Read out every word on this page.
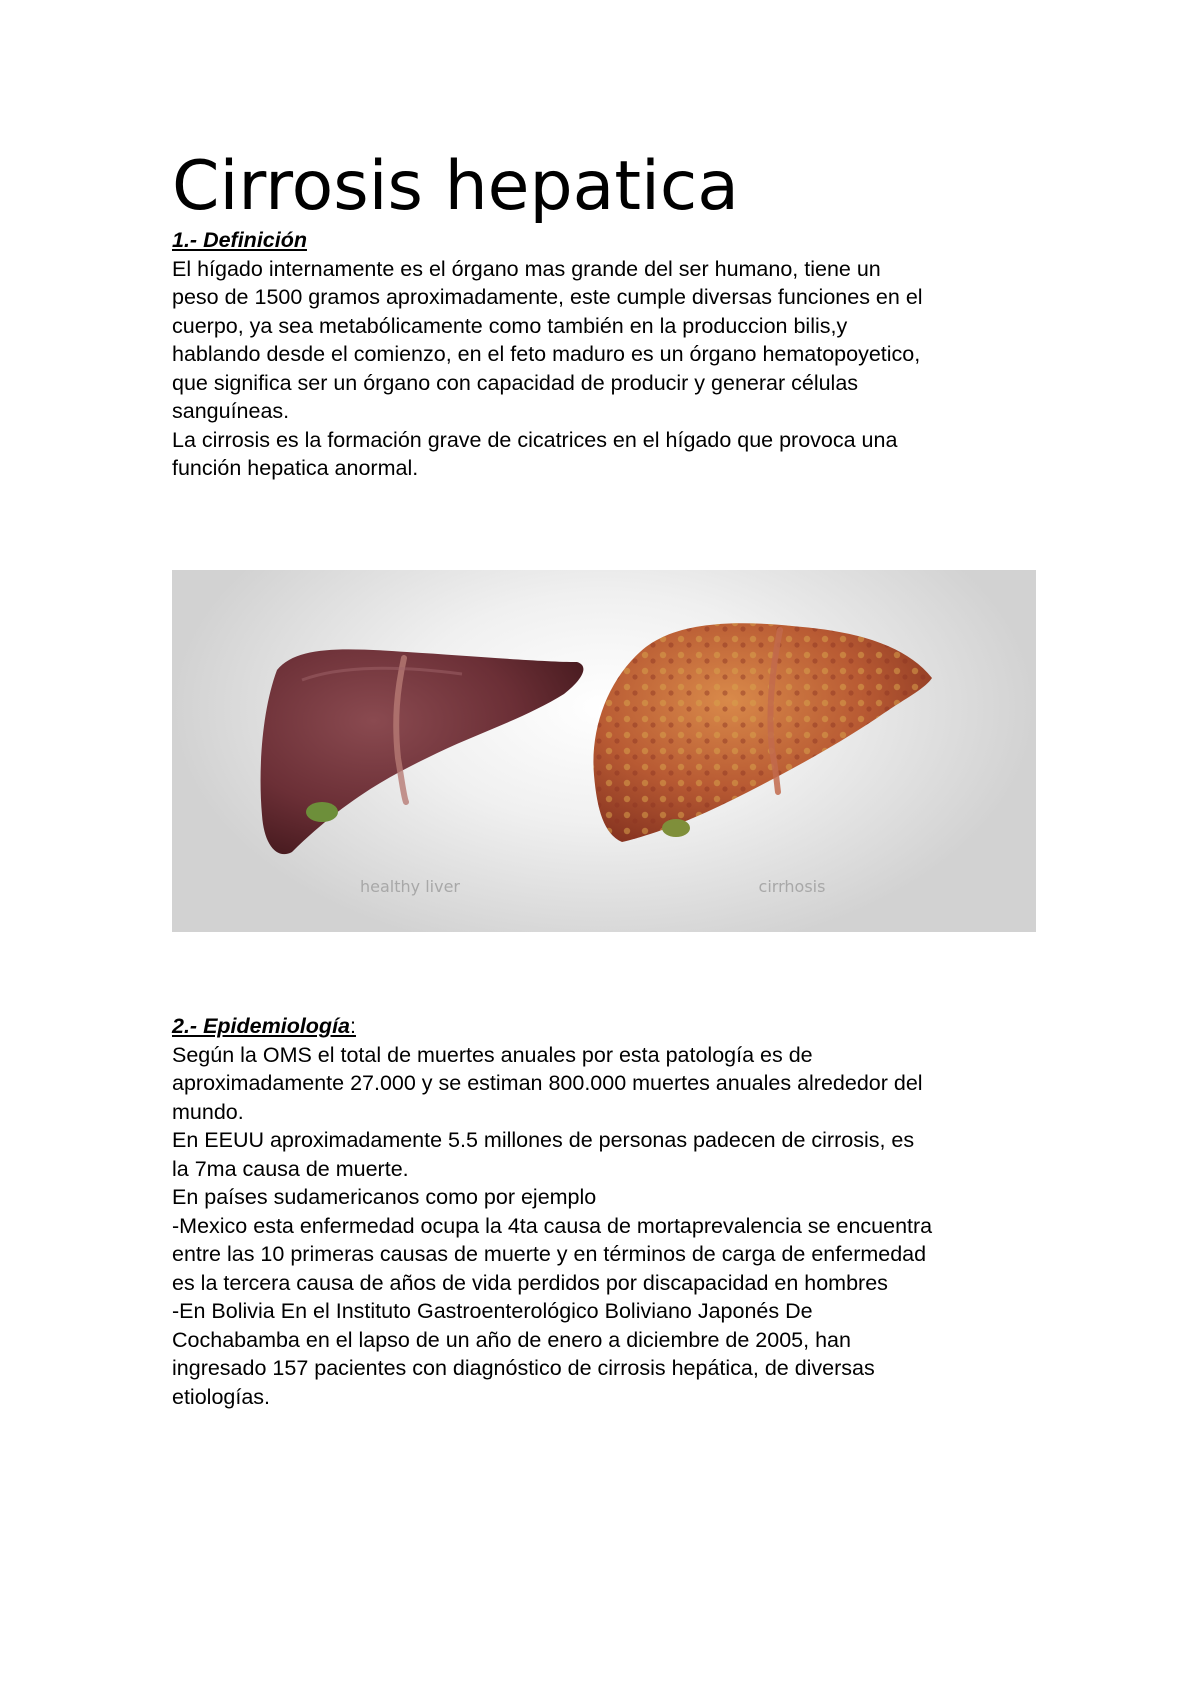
Cirrosis hepatica

1.- Definición

El hígado internamente es el órgano mas grande del ser humano, tiene un

peso de 1500 gramos aproximadamente, este cumple diversas funciones en el

cuerpo, ya sea metabólicamente como también en la produccion bilis,y

hablando desde el comienzo, en el feto maduro es un órgano hematopoyetico,

que significa ser un órgano con capacidad de producir y generar células

sanguíneas.

La cirrosis es la formación grave de cicatrices en el hígado que provoca una

función hepatica anormal.

healthy liver	cirrhosis

2.- Epidemiología:

Según la OMS el total de muertes anuales por esta patología es de

aproximadamente 27.000 y se estiman 800.000 muertes anuales alrededor del

mundo.

En EEUU aproximadamente 5.5 millones de personas padecen de cirrosis, es

la 7ma causa de muerte.

En países sudamericanos como por ejemplo

-Mexico esta enfermedad ocupa la 4ta causa de mortaprevalencia se encuentra

entre las 10 primeras causas de muerte y en términos de carga de enfermedad

es la tercera causa de años de vida perdidos por discapacidad en hombres

-En Bolivia En el Instituto Gastroenterológico Boliviano Japonés De

Cochabamba en el lapso de un año de enero a diciembre de 2005, han

ingresado 157 pacientes con diagnóstico de cirrosis hepática, de diversas

etiologías.
